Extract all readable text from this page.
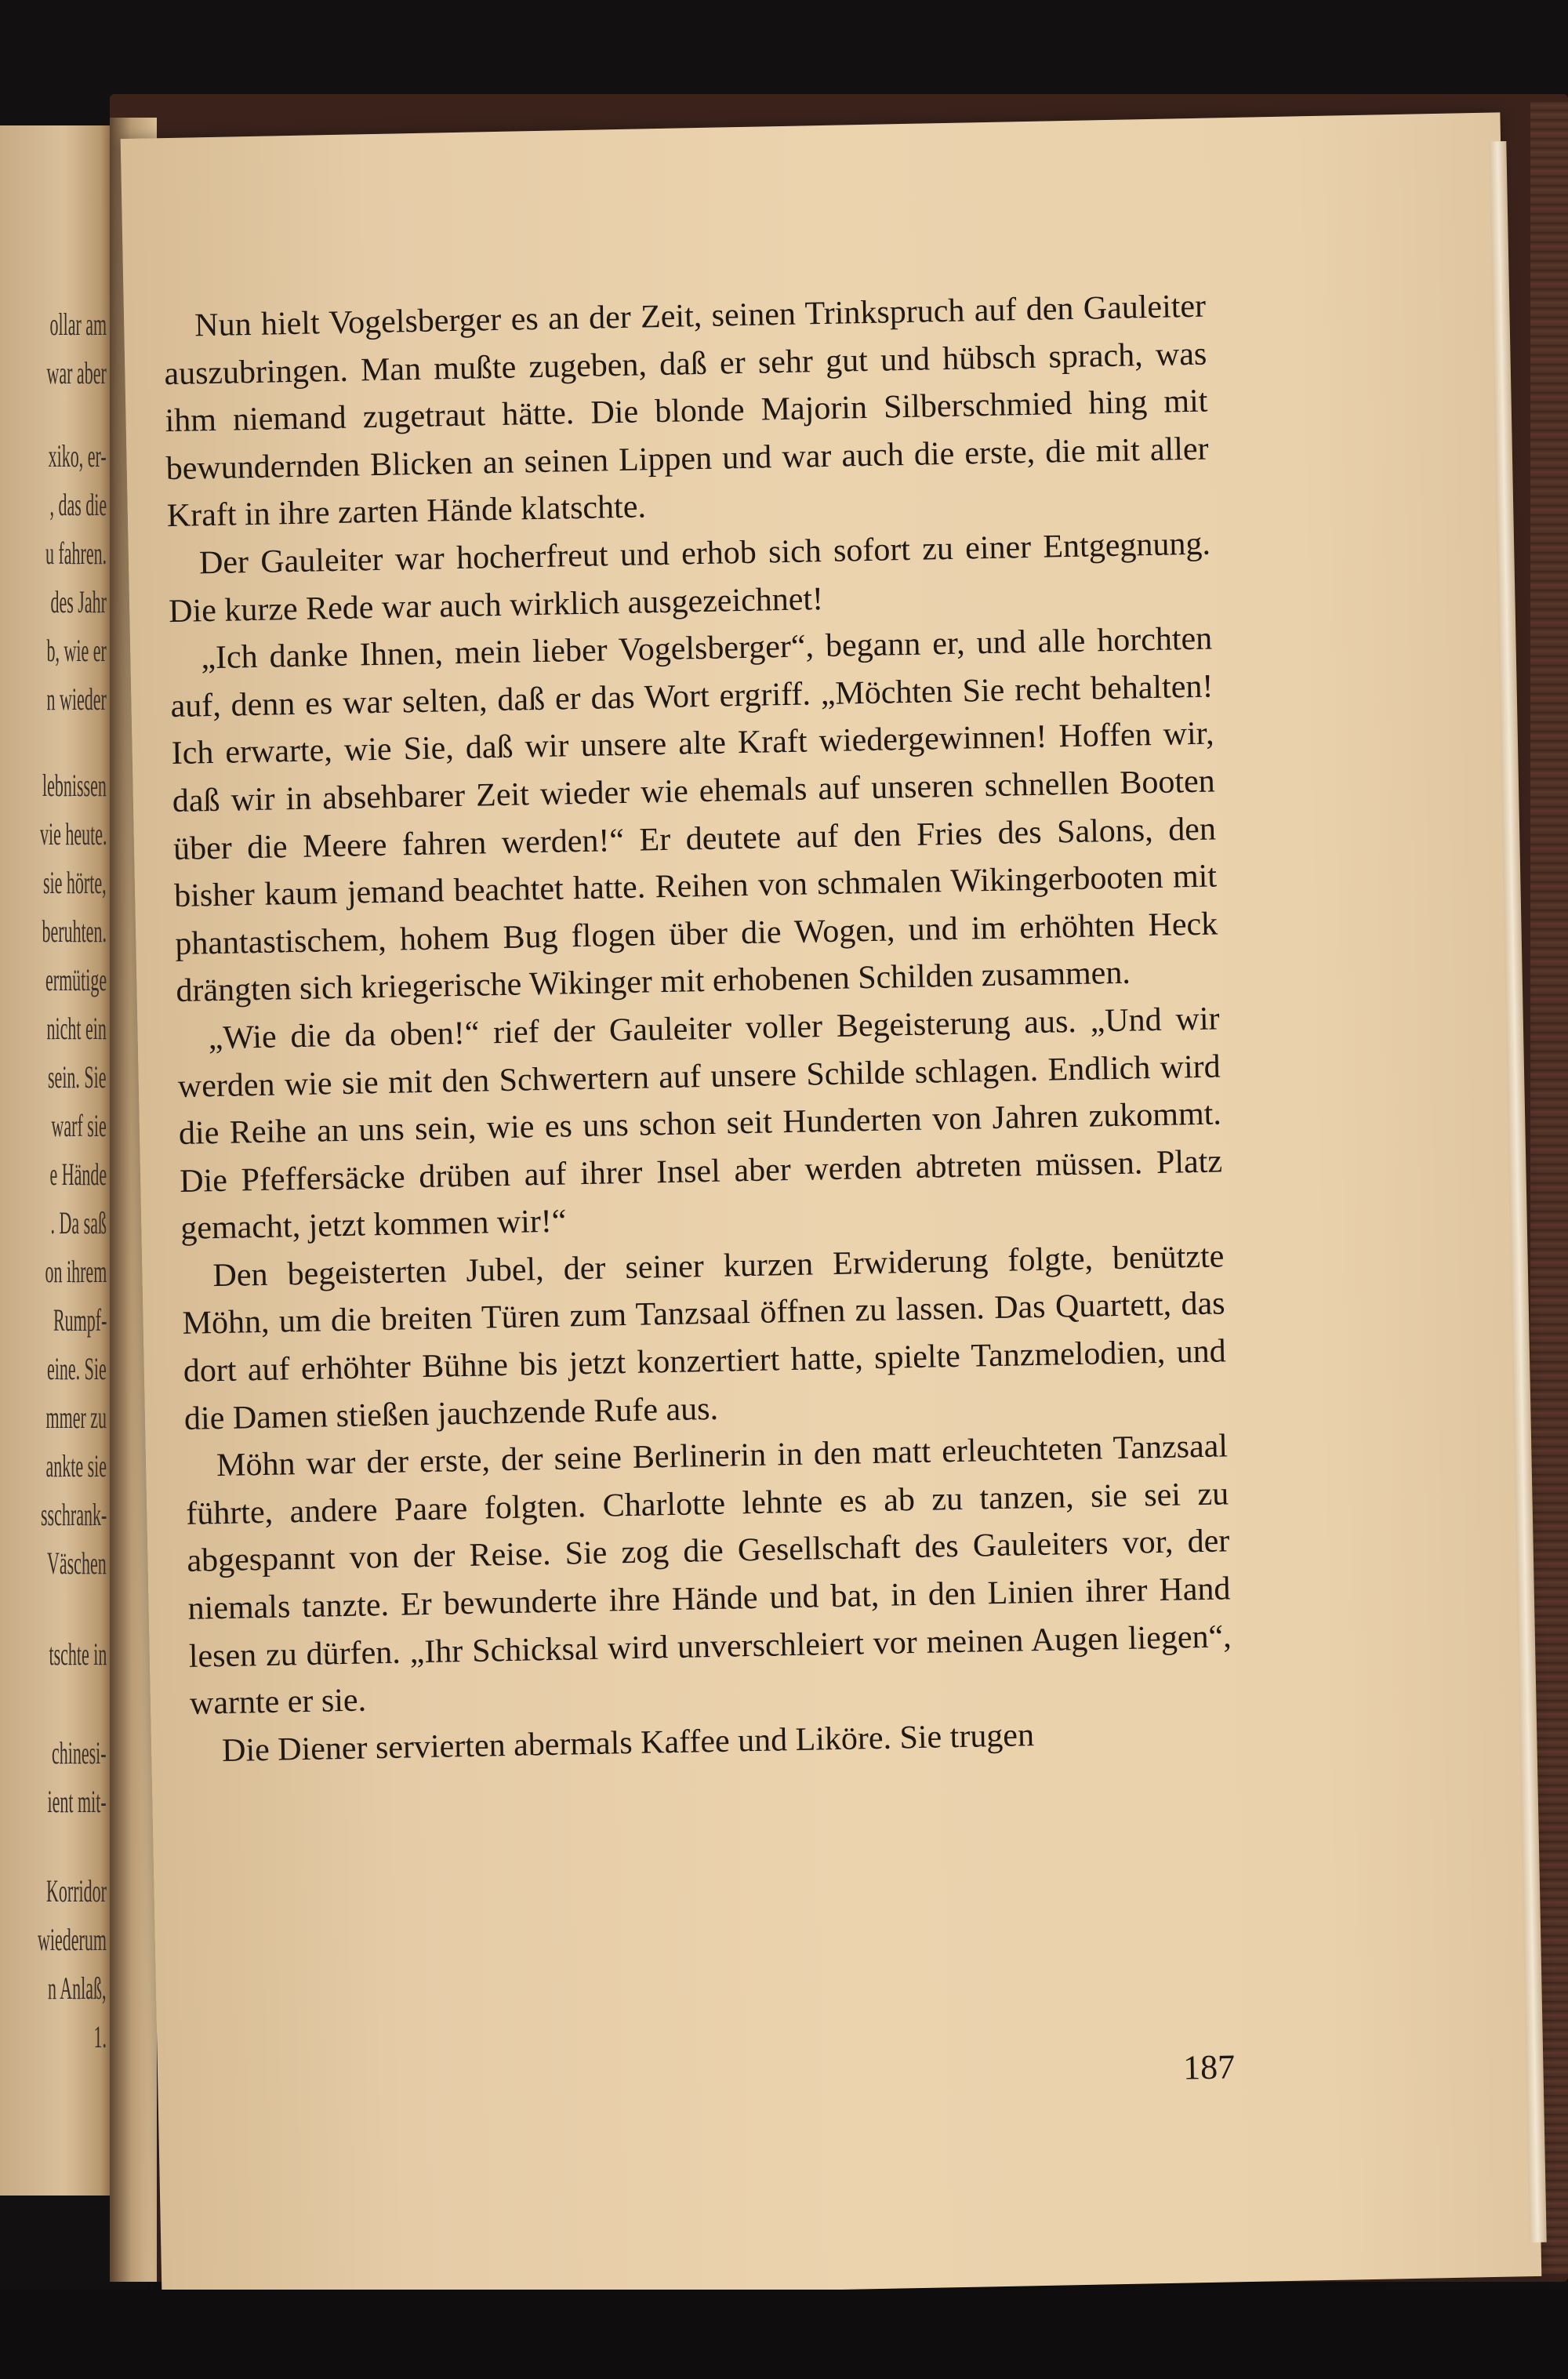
ollar am
war aber
xiko, er-
, das die
u fahren.
des Jahr
b, wie er
n wieder
lebnissen
vie heute.
sie hörte,
beruhten.
ermütige
nicht ein
sein. Sie
warf sie
e Hände
. Da saß
on ihrem
Rumpf-
eine. Sie
mmer zu
ankte sie
sschrank-
Väschen
tschte in
chinesi-
ient mit-
Korridor
wiederum
n Anlaß,
1.

Nun hielt Vogelsberger es an der Zeit, seinen Trinkspruch auf den Gauleiter auszubringen. Man mußte zugeben, daß er sehr gut und hübsch sprach, was ihm niemand zugetraut hätte. Die blonde Majorin Silberschmied hing mit bewundernden Blicken an seinen Lippen und war auch die erste, die mit aller Kraft in ihre zarten Hände klatschte.

Der Gauleiter war hocherfreut und erhob sich sofort zu einer Entgegnung. Die kurze Rede war auch wirklich ausgezeichnet!

„Ich danke Ihnen, mein lieber Vogelsberger“, begann er, und alle horchten auf, denn es war selten, daß er das Wort ergriff. „Möchten Sie recht behalten! Ich erwarte, wie Sie, daß wir unsere alte Kraft wiedergewinnen! Hoffen wir, daß wir in absehbarer Zeit wieder wie ehemals auf unseren schnellen Booten über die Meere fahren werden!“ Er deutete auf den Fries des Salons, den bisher kaum jemand beachtet hatte. Reihen von schmalen Wikingerbooten mit phantastischem, hohem Bug flogen über die Wogen, und im erhöhten Heck drängten sich kriegerische Wikinger mit erhobenen Schilden zusammen.

„Wie die da oben!“ rief der Gauleiter voller Begeisterung aus. „Und wir werden wie sie mit den Schwertern auf unsere Schilde schlagen. Endlich wird die Reihe an uns sein, wie es uns schon seit Hunderten von Jahren zukommt. Die Pfeffersäcke drüben auf ihrer Insel aber werden abtreten müssen. Platz gemacht, jetzt kommen wir!“

Den begeisterten Jubel, der seiner kurzen Erwiderung folgte, benützte Möhn, um die breiten Türen zum Tanzsaal öffnen zu lassen. Das Quartett, das dort auf erhöhter Bühne bis jetzt konzertiert hatte, spielte Tanzmelodien, und die Damen stießen jauchzende Rufe aus.

Möhn war der erste, der seine Berlinerin in den matt erleuchteten Tanzsaal führte, andere Paare folgten. Charlotte lehnte es ab zu tanzen, sie sei zu abgespannt von der Reise. Sie zog die Gesellschaft des Gauleiters vor, der niemals tanzte. Er bewunderte ihre Hände und bat, in den Linien ihrer Hand lesen zu dürfen. „Ihr Schicksal wird unverschleiert vor meinen Augen liegen“, warnte er sie.

Die Diener servierten abermals Kaffee und Liköre. Sie trugen

187
